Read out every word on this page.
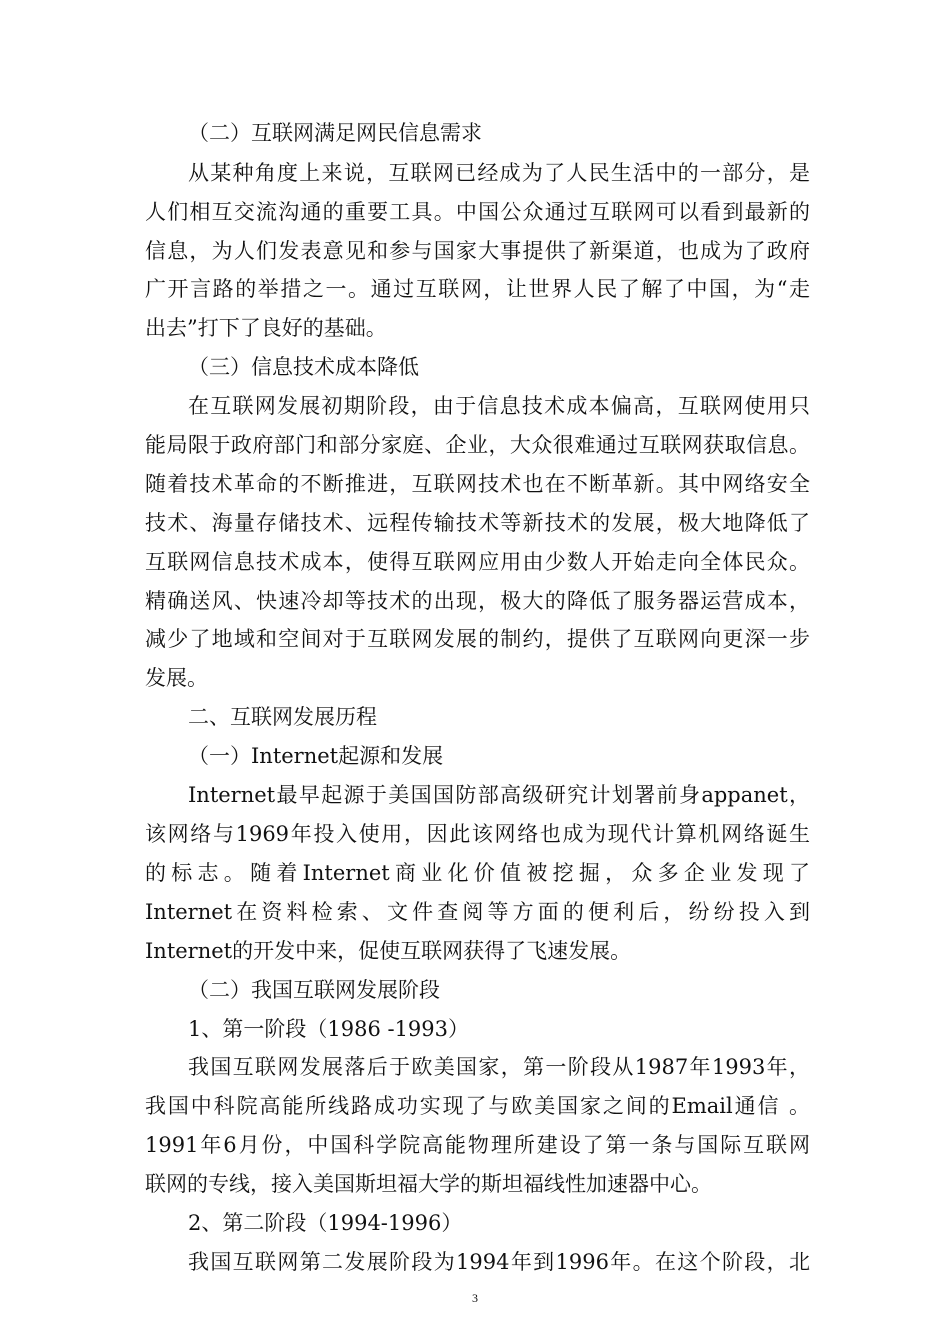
（二）互联网满足网民信息需求
从某种角度上来说，互联网已经成为了人民生活中的一部分，是
人们相互交流沟通的重要工具。中国公众通过互联网可以看到最新的
信息，为人们发表意见和参与国家大事提供了新渠道，也成为了政府
广开言路的举措之一。通过互联网，让世界人民了解了中国，为“走
出去”打下了良好的基础。
（三）信息技术成本降低
在互联网发展初期阶段，由于信息技术成本偏高，互联网使用只
能局限于政府部门和部分家庭、企业，大众很难通过互联网获取信息。
随着技术革命的不断推进，互联网技术也在不断革新。其中网络安全
技术、海量存储技术、远程传输技术等新技术的发展，极大地降低了
互联网信息技术成本，使得互联网应用由少数人开始走向全体民众。
精确送风、快速冷却等技术的出现，极大的降低了服务器运营成本，
减少了地域和空间对于互联网发展的制约，提供了互联网向更深一步
发展。
二、互联网发展历程
（一）Internet起源和发展
Internet最早起源于美国国防部高级研究计划署前身appanet，
该网络与1969年投入使用，因此该网络也成为现代计算机网络诞生
的标志。随着Internet商业化价值被挖掘，众多企业发现了
Internet在资料检索、文件查阅等方面的便利后，纷纷投入到
Internet的开发中来，促使互联网获得了飞速发展。
（二）我国互联网发展阶段
1、第一阶段（1986 -1993）
我国互联网发展落后于欧美国家，第一阶段从1987年1993年，
我国中科院高能所线路成功实现了与欧美国家之间的Email通信 。
1991年6月份，中国科学院高能物理所建设了第一条与国际互联网
联网的专线，接入美国斯坦福大学的斯坦福线性加速器中心。
2、第二阶段（1994-1996）
我国互联网第二发展阶段为1994年到1996年。在这个阶段，北
3
